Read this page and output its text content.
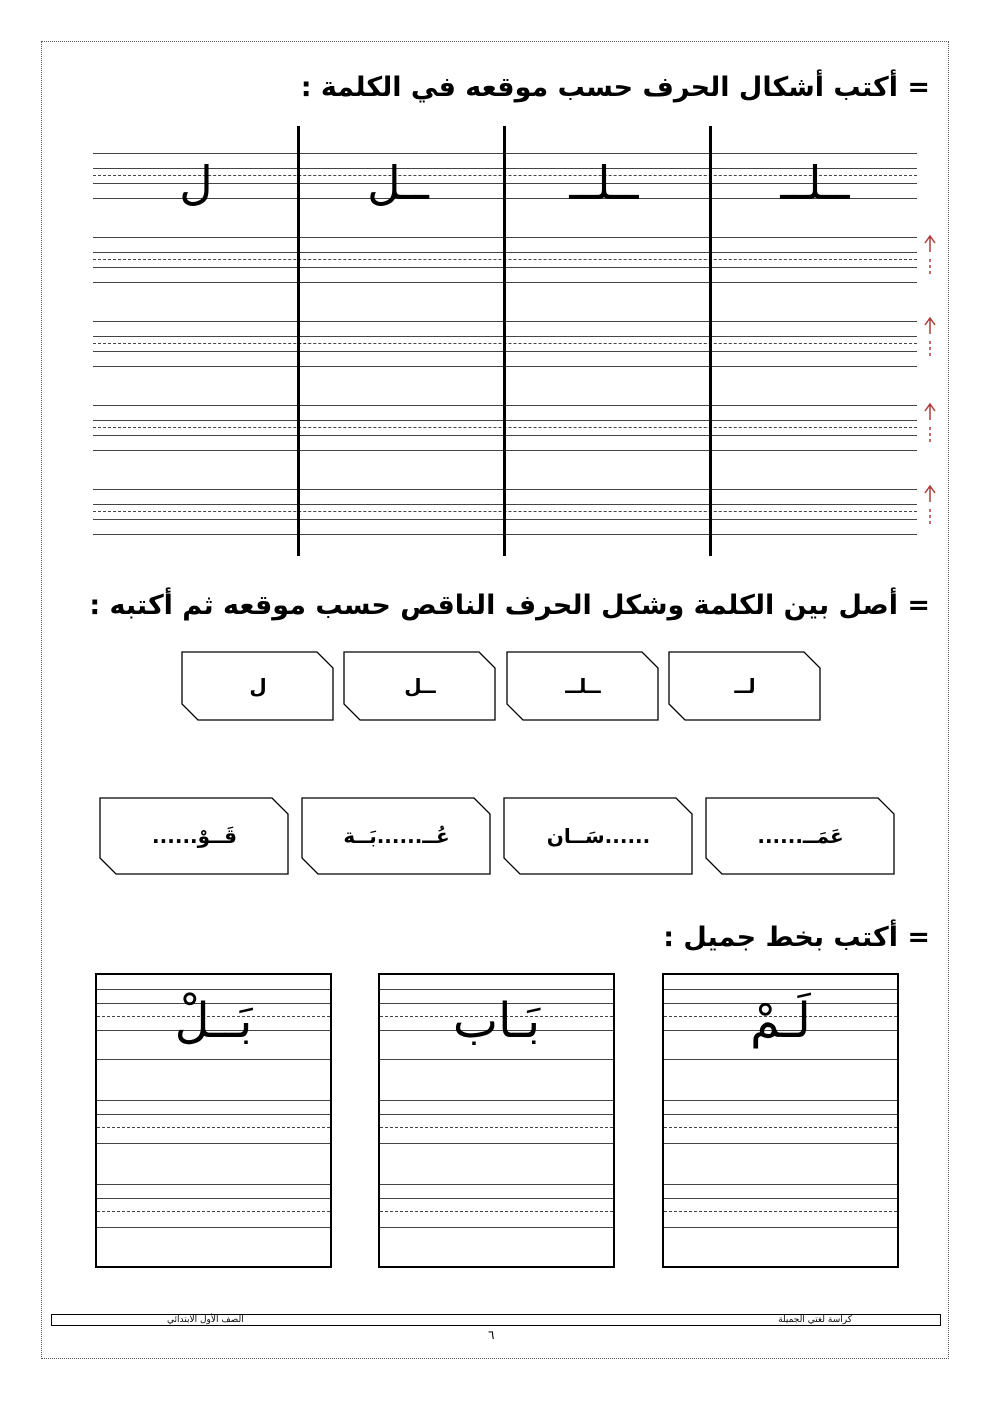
= أكتب أشكال الحرف حسب موقعه في الكلمة :
ــلــ
ــلــ
ــل
ل
= أصل بين الكلمة وشكل الحرف الناقص حسب موقعه ثم أكتبه :
لــ
ــلــ
ــل
ل
عَمَــ......
......سَــان
عُــ......بَــة
قَــوْ......
= أكتب بخط جميل :
لَـمْ
بَـاب
بَــلْ
كراسة لغتي الجميلة
الصف الأول الابتدائي
٦
